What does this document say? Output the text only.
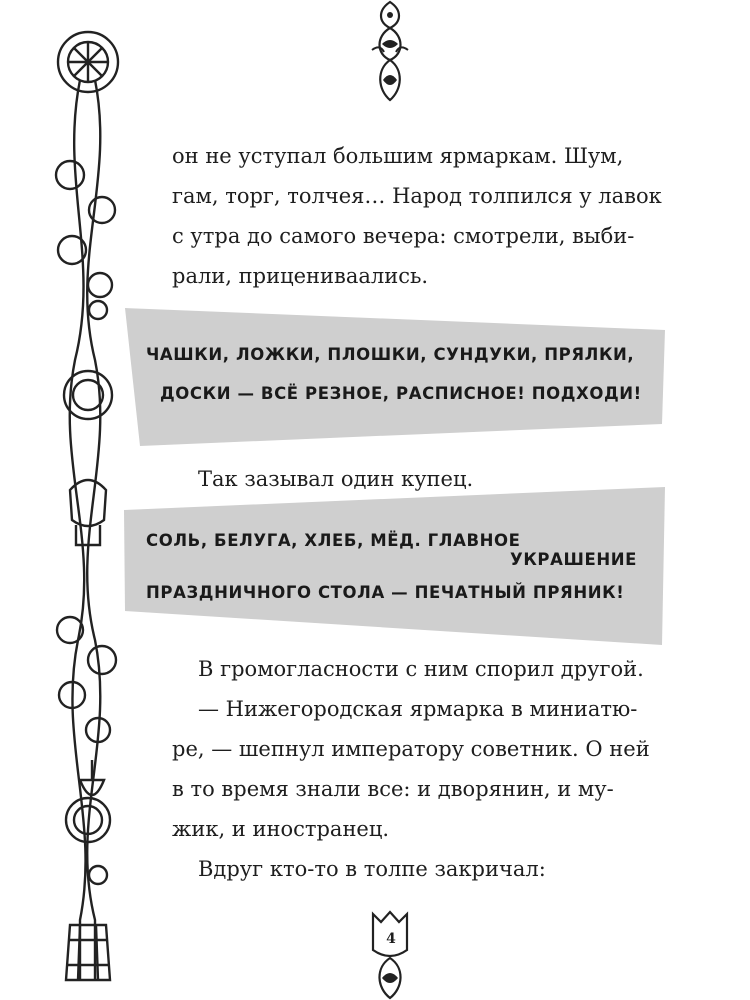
он не уступал большим ярмаркам. Шум,

гам, торг, толчея… Народ толпился у лавок

с утра до самого вечера: смотрели, выби-

рали, прицениваались.

ЧАШКИ, ЛОЖКИ, ПЛОШКИ, СУНДУКИ, ПРЯЛКИ,

ДОСКИ — ВСЁ РЕЗНОЕ, РАСПИСНОЕ! ПОДХОДИ!

Так зазывал один купец.

СОЛЬ, БЕЛУГА, ХЛЕБ, МЁД. ГЛАВНОЕ

УКРАШЕНИЕ

ПРАЗДНИЧНОГО СТОЛА — ПЕЧАТНЫЙ ПРЯНИК!

В громогласности с ним спорил другой.

— Нижегородская ярмарка в миниатю-

ре, — шепнул императору советник. О ней

в то время знали все: и дворянин, и му-

жик, и иностранец.

Вдруг кто-то в толпе закричал:

4
